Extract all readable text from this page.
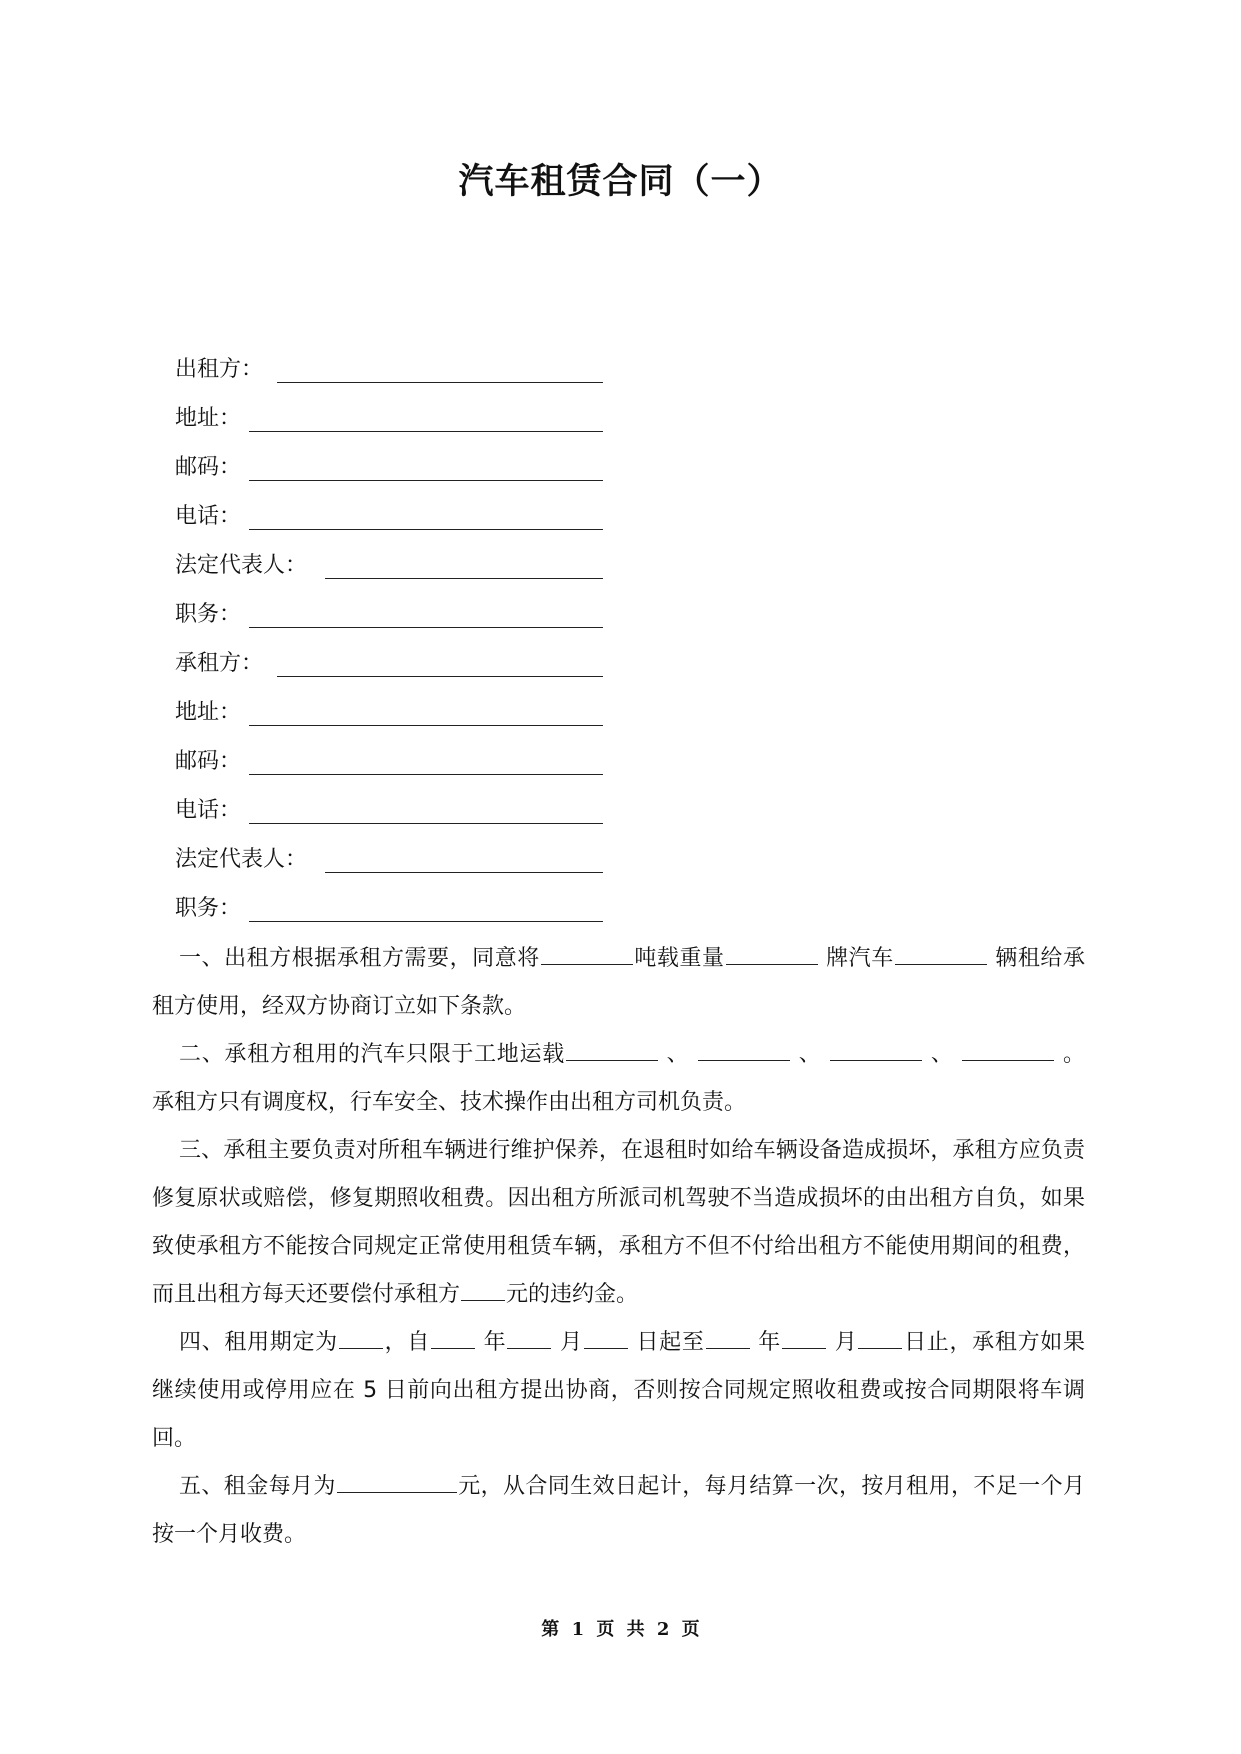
汽车租赁合同（一）
出租方：
地址：
邮码：
电话：
法定代表人：
职务：
承租方：
地址：
邮码：
电话：
法定代表人：
职务：

一、出租方根据承租方需要，同意将	吨载重量	牌汽车	辆租给承租方使用，经双方协商订立如下条款。

二、承租方租用的汽车只限于工地运载	、	、	、	。承租方只有调度权，行车安全、技术操作由出租方司机负责。

三、承租主要负责对所租车辆进行维护保养，在退租时如给车辆设备造成损坏，承租方应负责修复原状或赔偿，修复期照收租费。因出租方所派司机驾驶不当造成损坏的由出租方自负，如果致使承租方不能按合同规定正常使用租赁车辆，承租方不但不付给出租方不能使用期间的租费，而且出租方每天还要偿付承租方 元的违约金。

四、租用期定为 ，自 年 月 日起至 年 月 日止，承租方如果继续使用或停用应在 5 日前向出租方提出协商，否则按合同规定照收租费或按合同期限将车调回。

五、租金每月为	元，从合同生效日起计，每月结算一次，按月租用，不足一个月按一个月收费。

第 1 页 共 2 页
